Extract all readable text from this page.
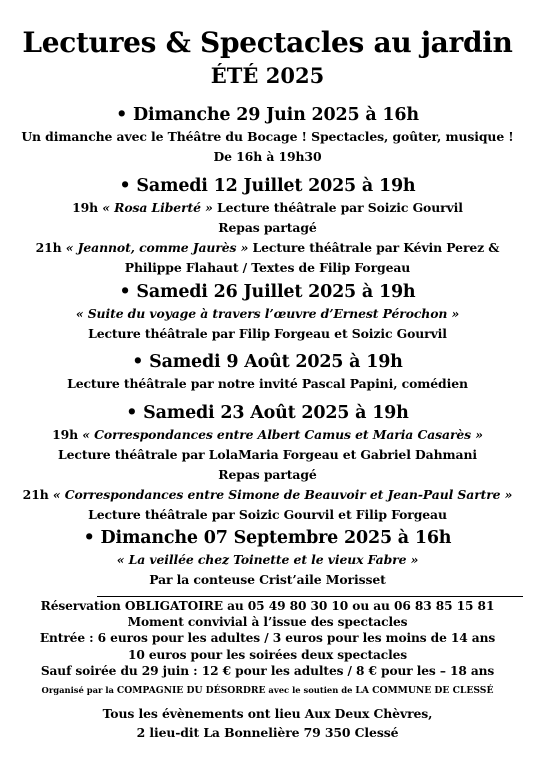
Lectures & Spectacles au jardin
ÉTÉ 2025
• Dimanche 29 Juin 2025 à 16h
Un dimanche avec le Théâtre du Bocage ! Spectacles, goûter, musique !
De 16h à 19h30
• Samedi 12 Juillet 2025 à 19h
19h « Rosa Liberté » Lecture théâtrale par Soizic Gourvil
Repas partagé
21h « Jeannot, comme Jaurès » Lecture théâtrale par Kévin Perez &
Philippe Flahaut / Textes de Filip Forgeau
• Samedi 26 Juillet 2025 à 19h
« Suite du voyage à travers l’œuvre d’Ernest Pérochon »
Lecture théâtrale par Filip Forgeau et Soizic Gourvil
• Samedi 9 Août 2025 à 19h
Lecture théâtrale par notre invité Pascal Papini, comédien
• Samedi 23 Août 2025 à 19h
19h « Correspondances entre Albert Camus et Maria Casarès »
Lecture théâtrale par LolaMaria Forgeau et Gabriel Dahmani
Repas partagé
21h « Correspondances entre Simone de Beauvoir et Jean-Paul Sartre »
Lecture théâtrale par Soizic Gourvil et Filip Forgeau
• Dimanche 07 Septembre 2025 à 16h
« La veillée chez Toinette et le vieux Fabre »
Par la conteuse Crist’aile Morisset
Réservation OBLIGATOIRE au 05 49 80 30 10 ou au 06 83 85 15 81
Moment convivial à l’issue des spectacles
Entrée : 6 euros pour les adultes / 3 euros pour les moins de 14 ans
10 euros pour les soirées deux spectacles
Sauf soirée du 29 juin : 12 € pour les adultes / 8 € pour les – 18 ans
Organisé par la COMPAGNIE DU DÉSORDRE avec le soutien de LA COMMUNE DE CLESSÉ
Tous les évènements ont lieu Aux Deux Chèvres,
2 lieu-dit La Bonnelière 79 350 Clessé
